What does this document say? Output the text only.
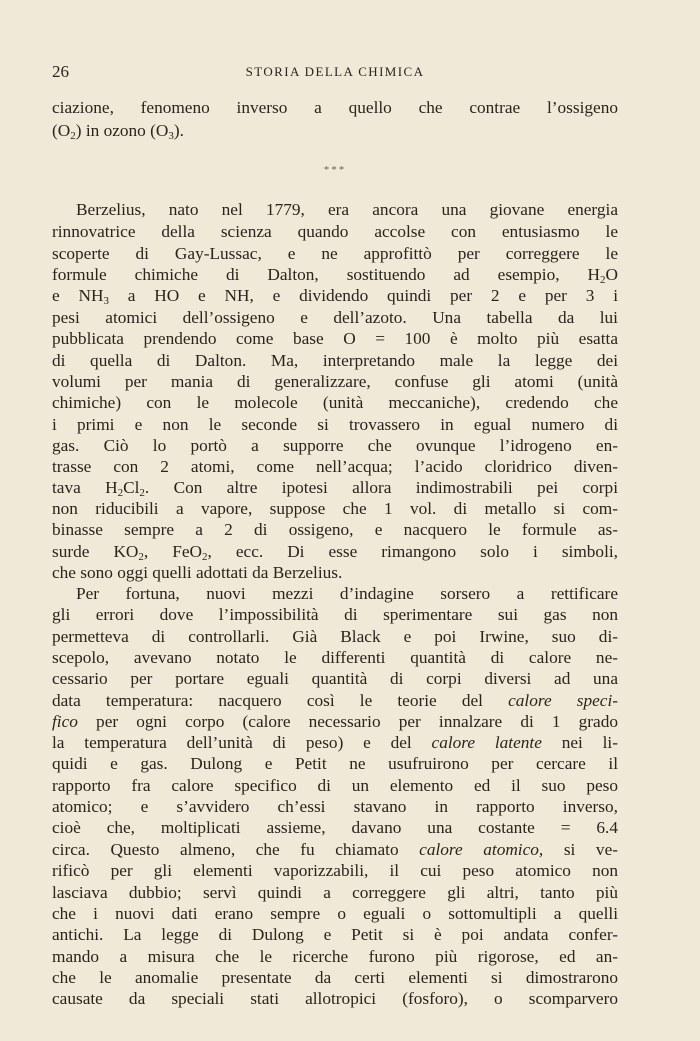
26	STORIA DELLA CHIMICA
ciazione, fenomeno inverso a quello che contrae l’ossigeno
$(O_2)$ in ozono $(O_3)$.
***
Berzelius, nato nel 1779, era ancora una giovane energia
rinnovatrice della scienza quando accolse con entusiasmo le
scoperte di Gay-Lussac, e ne approfittò per correggere le
formule chimiche di Dalton, sostituendo ad esempio, $H_2O$
e $NH_3$ a HO e NH, e dividendo quindi per 2 e per 3 i
pesi atomici dell’ossigeno e dell’azoto. Una tabella da lui
pubblicata prendendo come base O = 100 è molto più esatta
di quella di Dalton. Ma, interpretando male la legge dei
volumi per mania di generalizzare, confuse gli atomi (unità
chimiche) con le molecole (unità meccaniche), credendo che
i primi e non le seconde si trovassero in egual numero di
gas. Ciò lo portò a supporre che ovunque l’idrogeno en-
trasse con 2 atomi, come nell’acqua; l’acido cloridrico diven-
tava $H_2Cl_2$. Con altre ipotesi allora indimostrabili pei corpi
non riducibili a vapore, suppose che 1 vol. di metallo si com-
binasse sempre a 2 di ossigeno, e nacquero le formule as-
surde $KO_2$, FeO$_2$, ecc. Di esse rimangono solo i simboli,
che sono oggi quelli adottati da Berzelius.
Per fortuna, nuovi mezzi d’indagine sorsero a rettificare
gli errori dove l’impossibilità di sperimentare sui gas non
permetteva di controllarli. Già Black e poi Irwine, suo di-
scepolo, avevano notato le differenti quantità di calore ne-
cessario per portare eguali quantità di corpi diversi ad una
data temperatura: nacquero così le teorie del calore speci-
fico per ogni corpo (calore necessario per innalzare di 1 grado
la temperatura dell’unità di peso) e del calore latente nei li-
quidi e gas. Dulong e Petit ne usufruirono per cercare il
rapporto fra calore specifico di un elemento ed il suo peso
atomico; e s’avvidero ch’essi stavano in rapporto inverso,
cioè che, moltiplicati assieme, davano una costante = 6.4
circa. Questo almeno, che fu chiamato calore atomico, si ve-
rificò per gli elementi vaporizzabili, il cui peso atomico non
lasciava dubbio; servì quindi a correggere gli altri, tanto più
che i nuovi dati erano sempre o eguali o sottomultipli a quelli
antichi. La legge di Dulong e Petit si è poi andata confer-
mando a misura che le ricerche furono più rigorose, ed an-
che le anomalie presentate da certi elementi si dimostrarono
causate da speciali stati allotropici (fosforo), o scomparvero
